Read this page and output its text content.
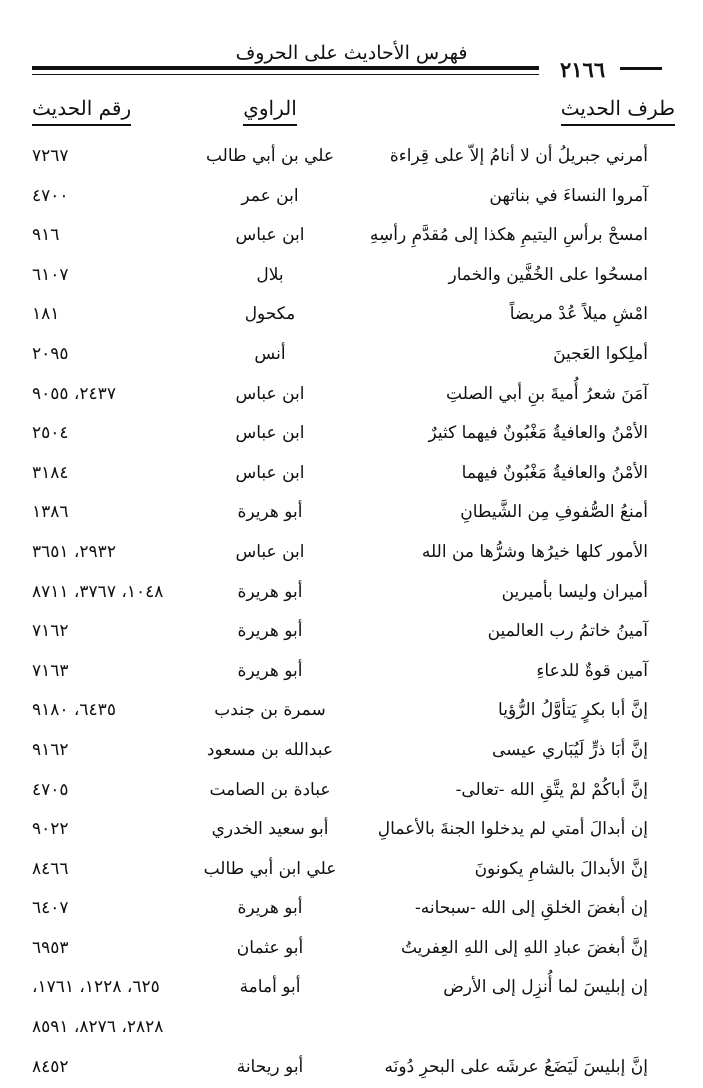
فهرس الأحاديث على الحروف
٢١٦٦
طرف الحديث
الراوي
رقم الحديث
أمرني جبريلُ أن لا أنامُ إلاّ على قِراءة
علي بن أبي طالب
٧٢٦٧
آمروا النساءَ في بناتهن
ابن عمر
٤٧٠٠
امسحْ برأسِ اليتيمِ هكذا إلى مُقدَّمِ رأسِهِ
ابن عباس
٩١٦
امسحُوا على الخُفَّين والخمار
بلال
٦١٠٧
امْشِ ميلاً عُدْ مريضاً
مكحول
١٨١
أملِكوا العَجينَ
أنس
٢٠٩٥
آمَنَ شعرُ أُميةَ بنِ أبي الصلتِ
ابن عباس
٢٤٣٧، ٩٠٥٥
الأمْنُ والعافيةُ مَغْبُونٌ فيهما كثيرٌ
ابن عباس
٢٥٠٤
الأمْنُ والعافيةُ مَغْبُونٌ فيهما
ابن عباس
٣١٨٤
أمنعُ الصُّفوفِ مِن الشَّيطانِ
أبو هريرة
١٣٨٦
الأمور كلها خيرُها وشرُّها من الله
ابن عباس
٢٩٣٢، ٣٦٥١
أميران وليسا بأميرين
أبو هريرة
١٠٤٨، ٣٧٦٧، ٨٧١١
آمينُ خاتمُ رب العالمين
أبو هريرة
٧١٦٢
آمين قوةٌ للدعاءِ
أبو هريرة
٧١٦٣
إنَّ أبا بكرٍ يَتأوَّلُ الرُّؤيا
سمرة بن جندب
٦٤٣٥، ٩١٨٠
إنَّ أبَا ذرٍّ لَيُبَاري عيسى
عبدالله بن مسعود
٩١٦٢
إنَّ أباكُمْ لمْ يتَّقِ الله -تعالى-
عبادة بن الصامت
٤٧٠٥
إن أبدالَ أمتي لم يدخلوا الجنةَ بالأعمالِ
أبو سعيد الخدري
٩٠٢٢
إنَّ الأبدالَ بالشامِ يكونونَ
علي ابن أبي طالب
٨٤٦٦
إن أبغضَ الخلقِ إلى الله -سبحانه-
أبو هريرة
٦٤٠٧
إنَّ أبغضَ عبادِ اللهِ إلى اللهِ العِفريتُ
أبو عثمان
٦٩٥٣
إن إبليسَ لما أُنزِل إلى الأرض
أبو أمامة
٦٢٥، ١٢٢٨، ١٧٦١،
٢٨٢٨، ٨٢٧٦، ٨٥٩١
إنَّ إبليسَ لَيَضَعُ عرشَه على البحرِ دُونَه
أبو ريحانة
٨٤٥٢
